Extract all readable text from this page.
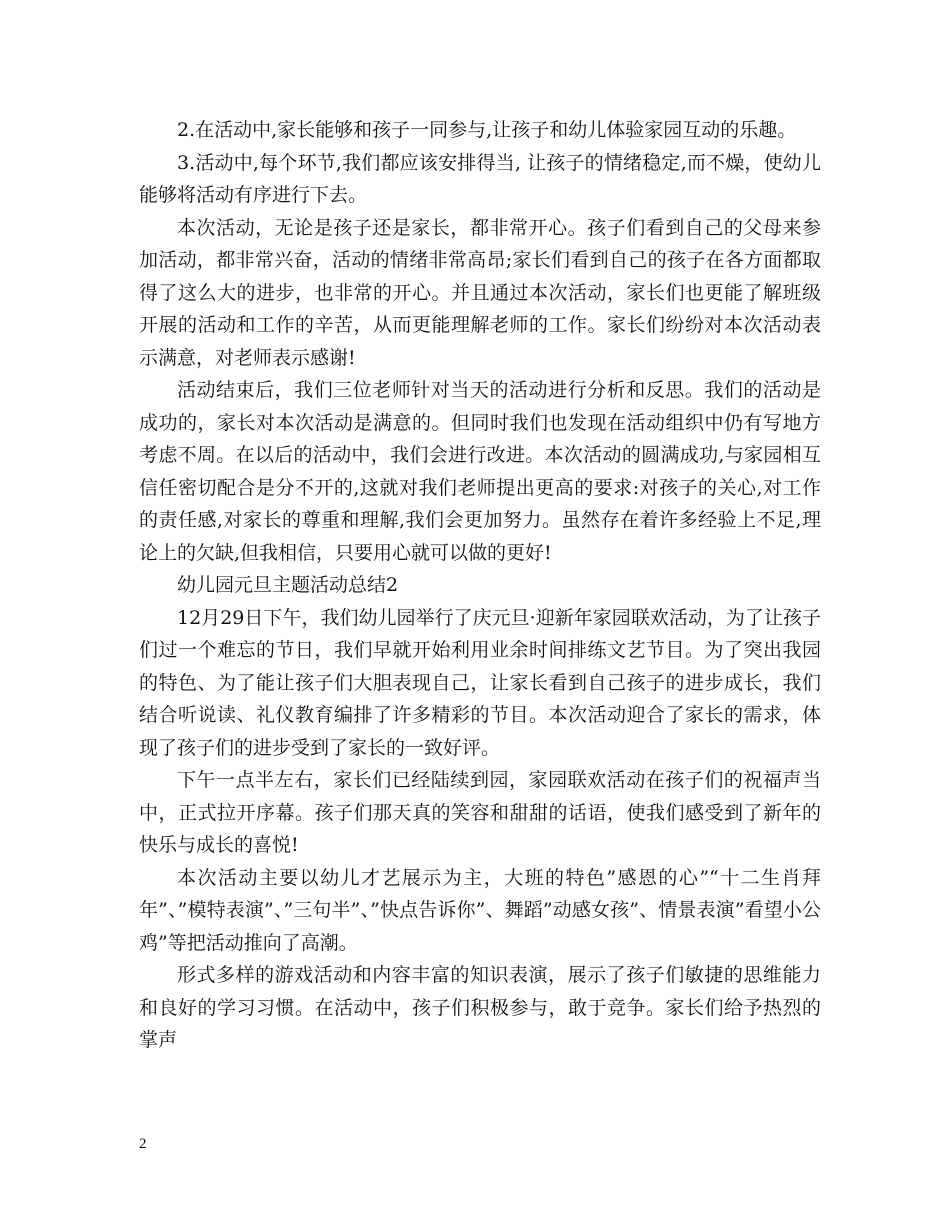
2.在活动中,家长能够和孩子一同参与,让孩子和幼儿体验家园互动的乐趣。

3.活动中,每个环节,我们都应该安排得当, 让孩子的情绪稳定,而不燥，使幼儿能够将活动有序进行下去。

本次活动，无论是孩子还是家长，都非常开心。孩子们看到自己的父母来参加活动，都非常兴奋，活动的情绪非常高昂;家长们看到自己的孩子在各方面都取得了这么大的进步，也非常的开心。并且通过本次活动，家长们也更能了解班级开展的活动和工作的辛苦，从而更能理解老师的工作。家长们纷纷对本次活动表示满意，对老师表示感谢!

活动结束后，我们三位老师针对当天的活动进行分析和反思。我们的活动是成功的，家长对本次活动是满意的。但同时我们也发现在活动组织中仍有写地方考虑不周。在以后的活动中，我们会进行改进。本次活动的圆满成功,与家园相互信任密切配合是分不开的,这就对我们老师提出更高的要求:对孩子的关心,对工作的责任感,对家长的尊重和理解,我们会更加努力。虽然存在着许多经验上不足,理论上的欠缺,但我相信，只要用心就可以做的更好!

幼儿园元旦主题活动总结2

12月29日下午，我们幼儿园举行了庆元旦·迎新年家园联欢活动，为了让孩子们过一个难忘的节日，我们早就开始利用业余时间排练文艺节目。为了突出我园的特色、为了能让孩子们大胆表现自己，让家长看到自己孩子的进步成长，我们结合听说读、礼仪教育编排了许多精彩的节目。本次活动迎合了家长的需求，体现了孩子们的进步受到了家长的一致好评。

下午一点半左右，家长们已经陆续到园，家园联欢活动在孩子们的祝福声当中，正式拉开序幕。孩子们那天真的笑容和甜甜的话语，使我们感受到了新年的快乐与成长的喜悦!

本次活动主要以幼儿才艺展示为主，大班的特色”感恩的心”“十二生肖拜年”、”模特表演”、”三句半”、”快点告诉你”、舞蹈”动感女孩”、情景表演”看望小公鸡”等把活动推向了高潮。

形式多样的游戏活动和内容丰富的知识表演，展示了孩子们敏捷的思维能力和良好的学习习惯。在活动中，孩子们积极参与，敢于竞争。家长们给予热烈的掌声

2
